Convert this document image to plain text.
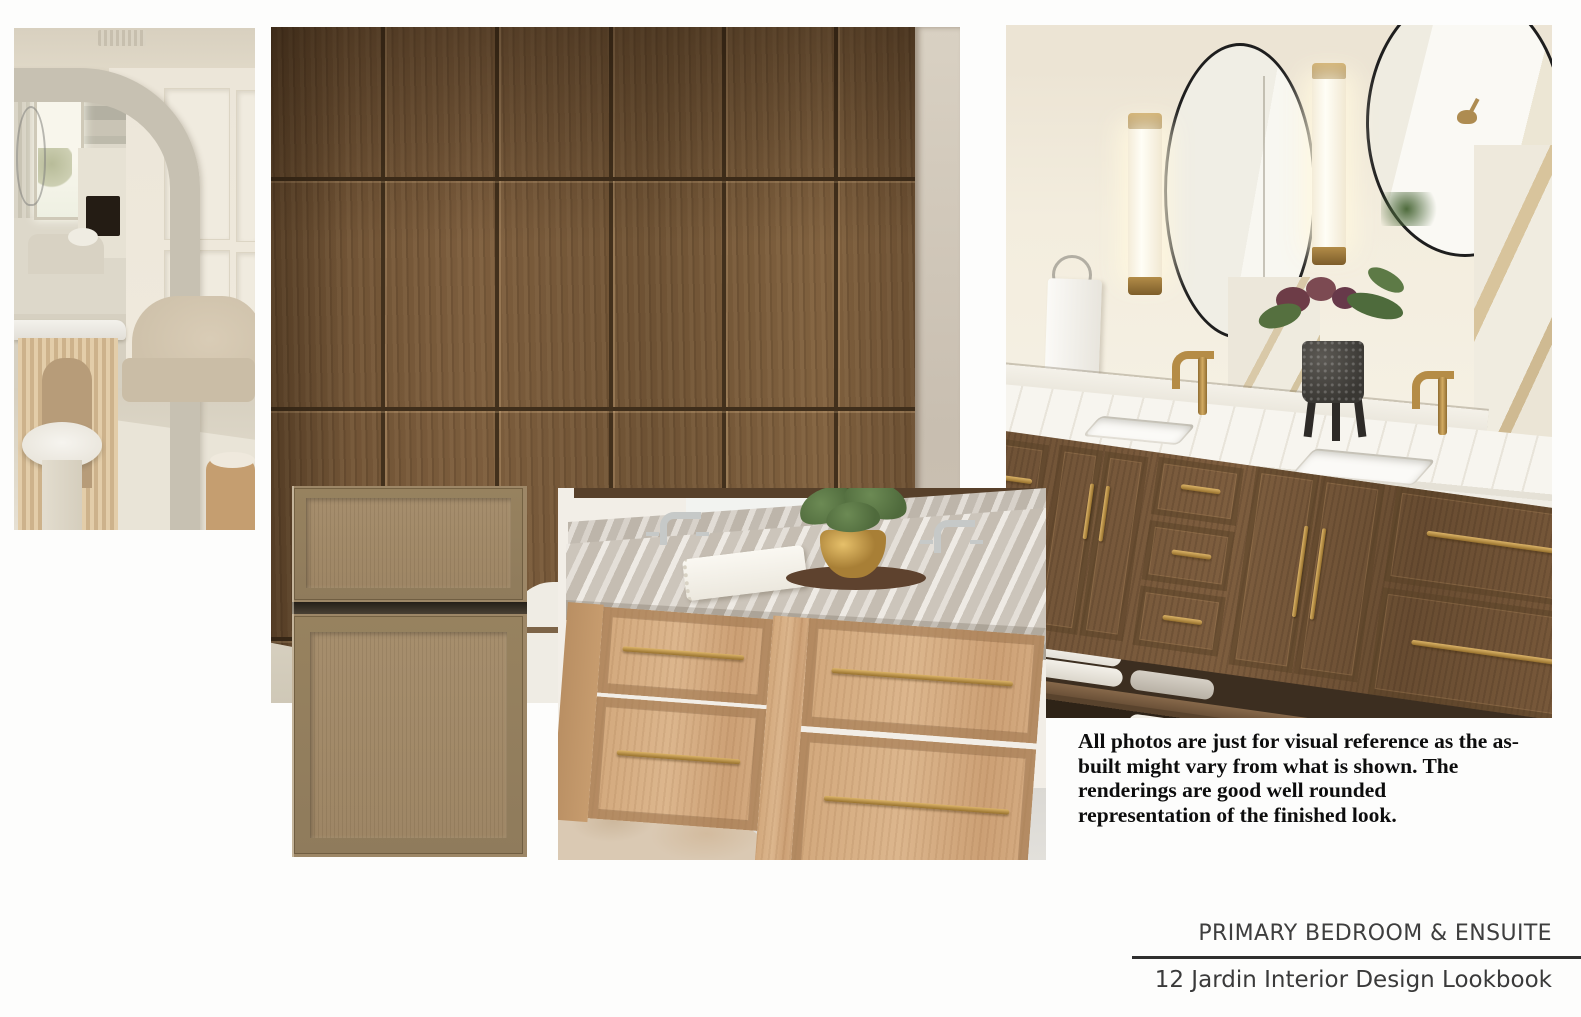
All photos are just for visual reference as the as-
built might vary from what is shown. The
renderings are good well rounded
representation of the finished look.
PRIMARY BEDROOM & ENSUITE
12 Jardin Interior Design Lookbook
